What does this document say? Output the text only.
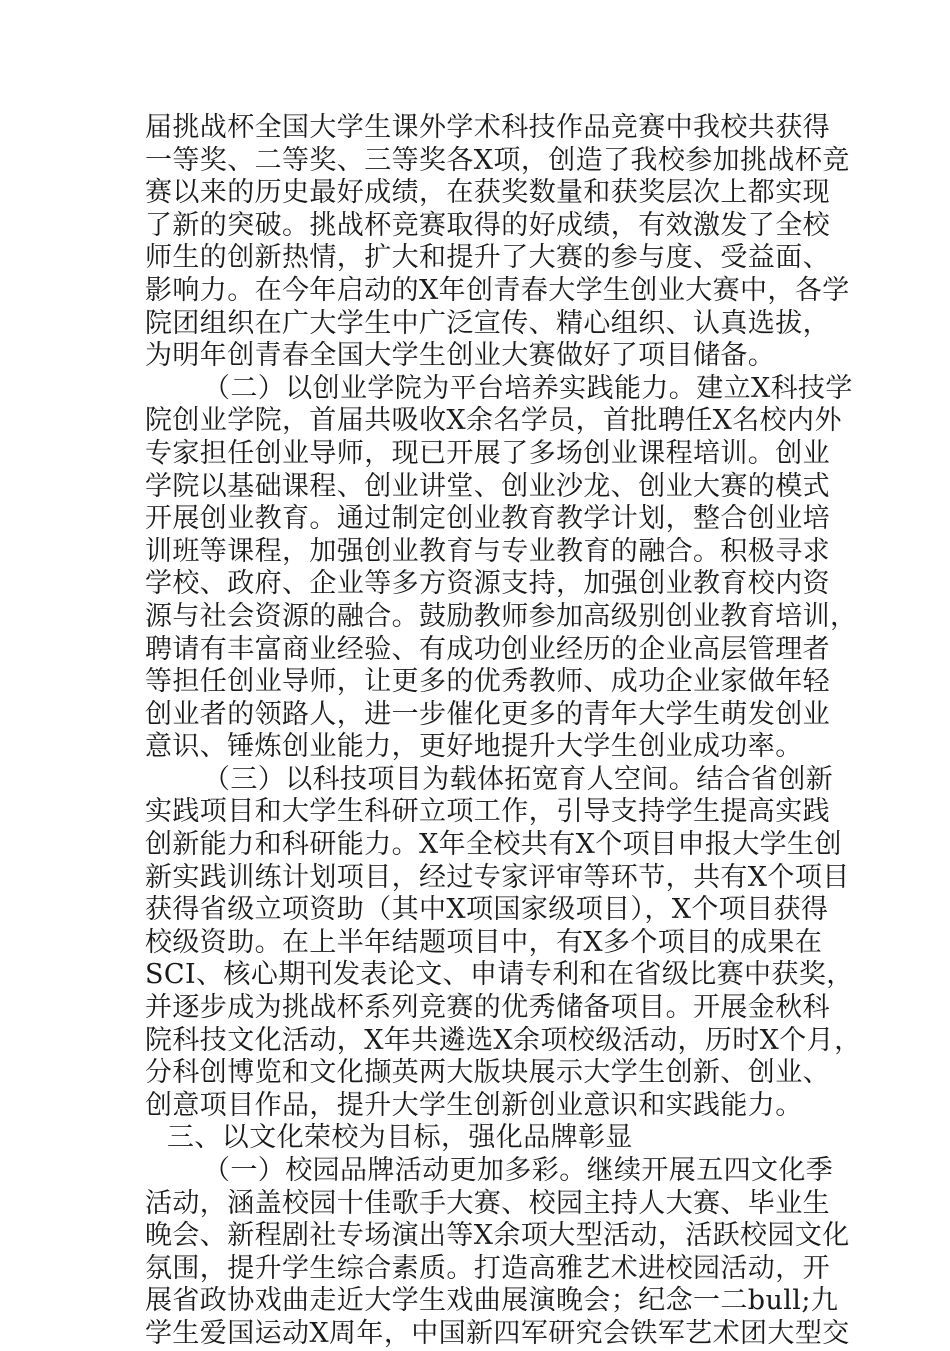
届挑战杯全国大学生课外学术科技作品竞赛中我校共获得
一等奖、二等奖、三等奖各X项，创造了我校参加挑战杯竞
赛以来的历史最好成绩，在获奖数量和获奖层次上都实现
了新的突破。挑战杯竞赛取得的好成绩，有效激发了全校
师生的创新热情，扩大和提升了大赛的参与度、受益面、
影响力。在今年启动的X年创青春大学生创业大赛中，各学
院团组织在广大学生中广泛宣传、精心组织、认真选拔，
为明年创青春全国大学生创业大赛做好了项目储备。
（二）以创业学院为平台培养实践能力。建立X科技学
院创业学院，首届共吸收X余名学员，首批聘任X名校内外
专家担任创业导师，现已开展了多场创业课程培训。创业
学院以基础课程、创业讲堂、创业沙龙、创业大赛的模式
开展创业教育。通过制定创业教育教学计划，整合创业培
训班等课程，加强创业教育与专业教育的融合。积极寻求
学校、政府、企业等多方资源支持，加强创业教育校内资
源与社会资源的融合。鼓励教师参加高级别创业教育培训，
聘请有丰富商业经验、有成功创业经历的企业高层管理者
等担任创业导师，让更多的优秀教师、成功企业家做年轻
创业者的领路人，进一步催化更多的青年大学生萌发创业
意识、锤炼创业能力，更好地提升大学生创业成功率。
（三）以科技项目为载体拓宽育人空间。结合省创新
实践项目和大学生科研立项工作，引导支持学生提高实践
创新能力和科研能力。X年全校共有X个项目申报大学生创
新实践训练计划项目，经过专家评审等环节，共有X个项目
获得省级立项资助（其中X项国家级项目），X个项目获得
校级资助。在上半年结题项目中，有X多个项目的成果在
SCI、核心期刊发表论文、申请专利和在省级比赛中获奖，
并逐步成为挑战杯系列竞赛的优秀储备项目。开展金秋科
院科技文化活动，X年共遴选X余项校级活动，历时X个月，
分科创博览和文化撷英两大版块展示大学生创新、创业、
创意项目作品，提升大学生创新创业意识和实践能力。
三、以文化荣校为目标，强化品牌彰显
（一）校园品牌活动更加多彩。继续开展五四文化季
活动，涵盖校园十佳歌手大赛、校园主持人大赛、毕业生
晚会、新程剧社专场演出等X余项大型活动，活跃校园文化
氛围，提升学生综合素质。打造高雅艺术进校园活动，开
展省政协戏曲走近大学生戏曲展演晚会；纪念一二bull;九
学生爱国运动X周年，中国新四军研究会铁军艺术团大型交
